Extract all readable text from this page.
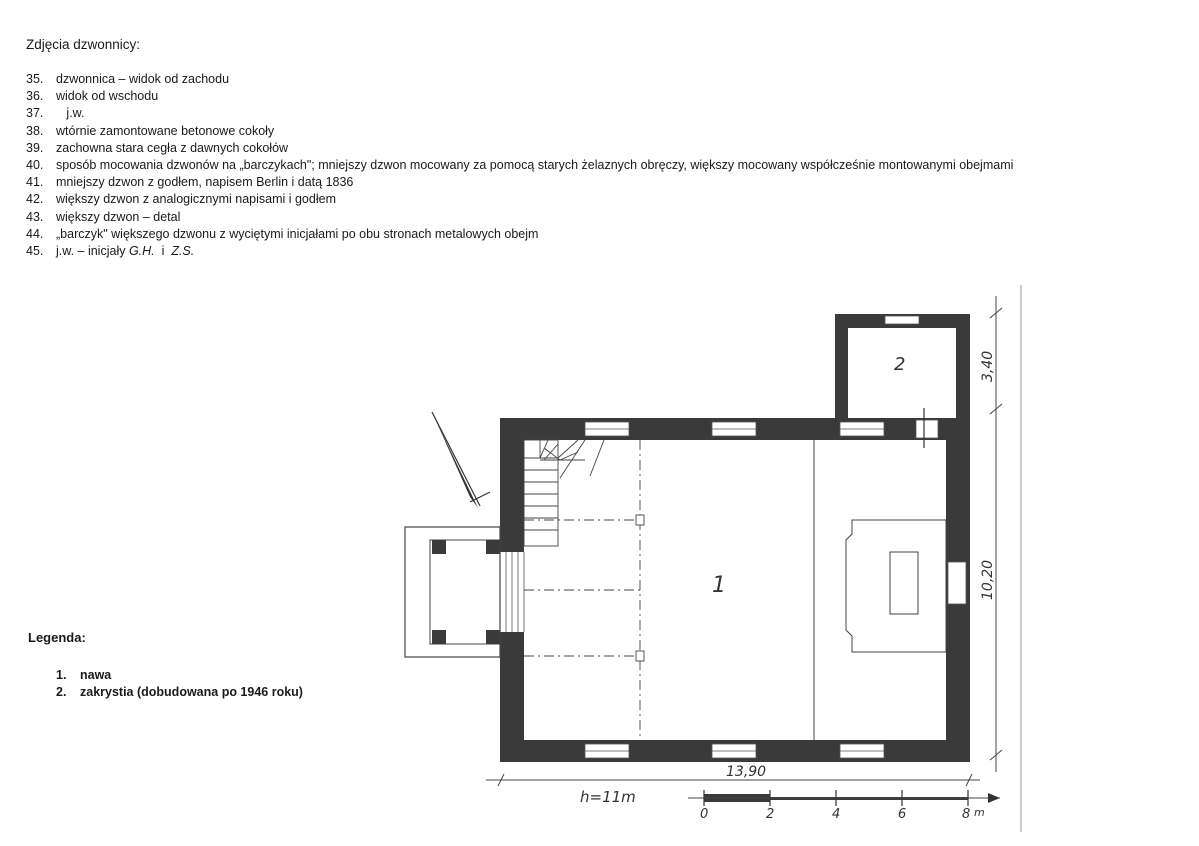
Zdjęcia dzwonnicy:
35. dzwonnica – widok od zachodu
36. widok od wschodu
37.   j.w.
38. wtórnie zamontowane betonowe cokoły
39. zachowna stara cegła z dawnych cokołów
40. sposób mocowania dzwonów na „barczykach"; mniejszy dzwon mocowany za pomocą starych żelaznych obręczy, większy mocowany współcześnie montowanymi obejmami
41. mniejszy dzwon z godłem, napisem Berlin i datą 1836
42. większy dzwon z analogicznymi napisami i godłem
43. większy dzwon – detal
44. „barczyk" większego dzwonu z wyciętymi inicjałami po obu stronach metalowych obejm
45. j.w. – inicjały G.H.  i  Z.S.
Legenda:
1. nawa
2. zakrystia (dobudowana po 1946 roku)
1
2	3,40
10,20
13,90
h=11m
0	2	4	6	8 m
